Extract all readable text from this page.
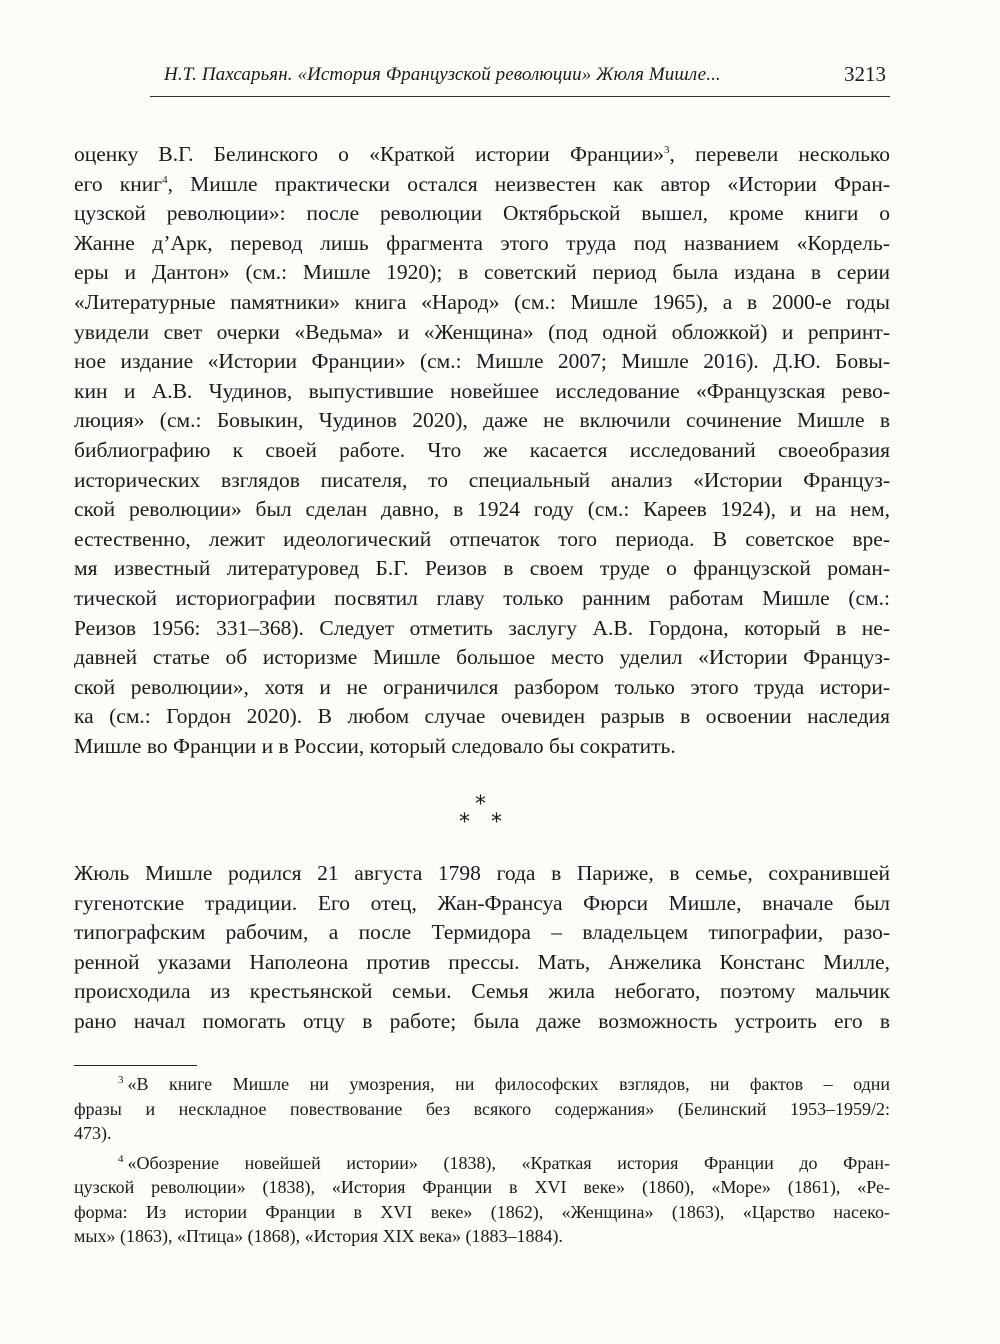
Н.Т. Пахсарьян. «История Французской революции» Жюля Мишле...	3213
оценку В.Г. Белинского о «Краткой истории Франции»$^3$, перевели несколько
его книг$^4$, Мишле практически остался неизвестен как автор «Истории Фран-
цузской революции»: после революции Октябрьской вышел, кроме книги о
Жанне д’Арк, перевод лишь фрагмента этого труда под названием «Кордель-
еры и Дантон» (см.: Мишле 1920); в советский период была издана в серии
«Литературные памятники» книга «Народ» (см.: Мишле 1965), а в 2000-е годы
увидели свет очерки «Ведьма» и «Женщина» (под одной обложкой) и репринт-
ное издание «Истории Франции» (см.: Мишле 2007; Мишле 2016). Д.Ю. Бовы-
кин и А.В. Чудинов, выпустившие новейшее исследование «Французская рево-
люция» (см.: Бовыкин, Чудинов 2020), даже не включили сочинение Мишле в
библиографию к своей работе. Что же касается исследований своеобразия
исторических взглядов писателя, то специальный анализ «Истории Француз-
ской революции» был сделан давно, в 1924 году (см.: Кареев 1924), и на нем,
естественно, лежит идеологический отпечаток того периода. В советское вре-
мя известный литературовед Б.Г. Реизов в своем труде о французской роман-
тической историографии посвятил главу только ранним работам Мишле (см.:
Реизов 1956: 331–368). Следует отметить заслугу А.В. Гордона, который в не-
давней статье об историзме Мишле большое место уделил «Истории Француз-
ской революции», хотя и не ограничился разбором только этого труда истори-
ка (см.: Гордон 2020). В любом случае очевиден разрыв в освоении наследия
Мишле во Франции и в России, который следовало бы сократить.
*
* *
Жюль Мишле родился 21 августа 1798 года в Париже, в семье, сохранившей
гугенотские традиции. Его отец, Жан-Франсуа Фюрси Мишле, вначале был
типографским рабочим, а после Термидора – владельцем типографии, разо-
ренной указами Наполеона против прессы. Мать, Анжелика Констанс Милле,
происходила из крестьянской семьи. Семья жила небогато, поэтому мальчик
рано начал помогать отцу в работе; была даже возможность устроить его в
$^3$ «В книге Мишле ни умозрения, ни философских взглядов, ни фактов – одни
фразы и нескладное повествование без всякого содержания» (Белинский 1953–1959/2:
473).
$^4$ «Обозрение новейшей истории» (1838), «Краткая история Франции до Фран-
цузской революции» (1838), «История Франции в XVI веке» (1860), «Море» (1861), «Ре-
форма: Из истории Франции в XVI веке» (1862), «Женщина» (1863), «Царство насеко-
мых» (1863), «Птица» (1868), «История XIX века» (1883–1884).
